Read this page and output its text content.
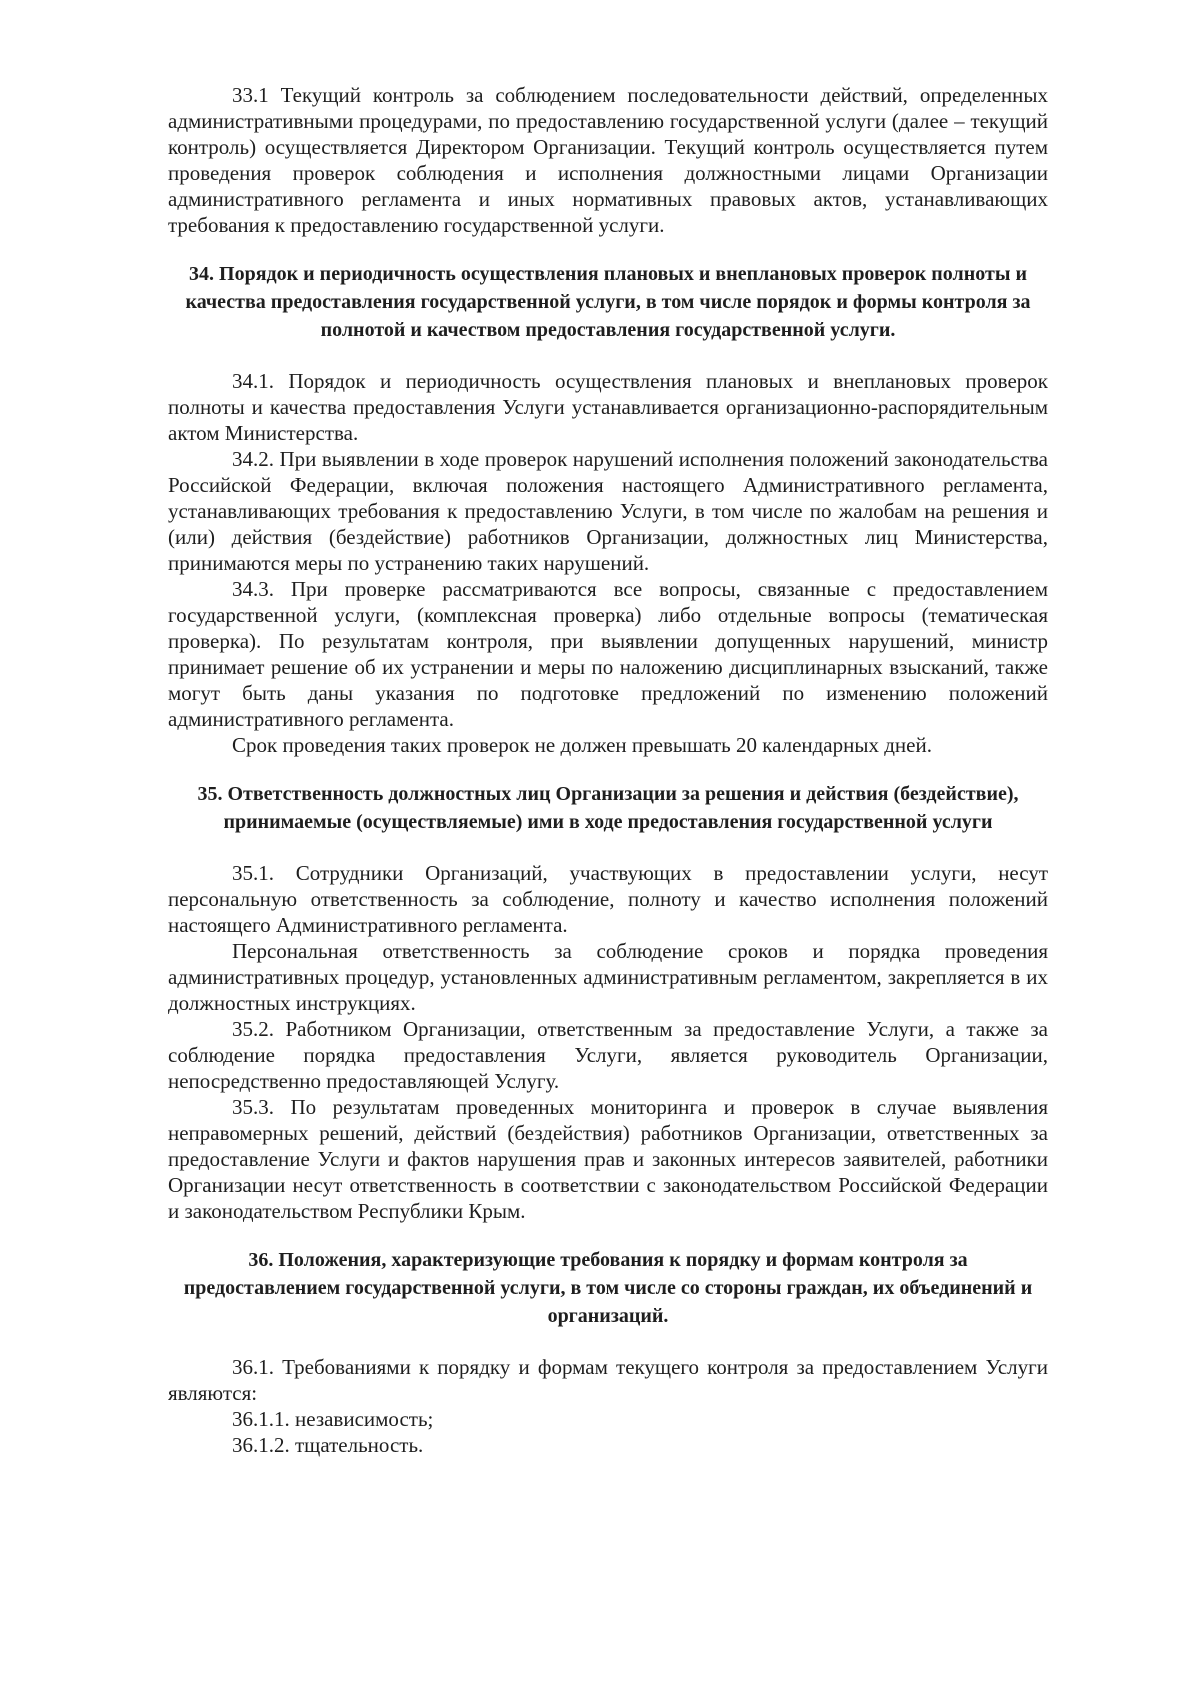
33.1 Текущий контроль за соблюдением последовательности действий, определенных административными процедурами, по предоставлению государственной услуги (далее – текущий контроль) осуществляется Директором Организации. Текущий контроль осуществляется путем проведения проверок соблюдения и исполнения должностными лицами Организации административного регламента и иных нормативных правовых актов, устанавливающих требования к предоставлению государственной услуги.

34. Порядок и периодичность осуществления плановых и внеплановых проверок полноты и качества предоставления государственной услуги, в том числе порядок и формы контроля за полнотой и качеством предоставления государственной услуги.

34.1. Порядок и периодичность осуществления плановых и внеплановых проверок полноты и качества предоставления Услуги устанавливается организационно-распорядительным актом Министерства.

34.2. При выявлении в ходе проверок нарушений исполнения положений законодательства Российской Федерации, включая положения настоящего Административного регламента, устанавливающих требования к предоставлению Услуги, в том числе по жалобам на решения и (или) действия (бездействие) работников Организации, должностных лиц Министерства, принимаются меры по устранению таких нарушений.

34.3. При проверке рассматриваются все вопросы, связанные с предоставлением государственной услуги, (комплексная проверка) либо отдельные вопросы (тематическая проверка). По результатам контроля, при выявлении допущенных нарушений, министр принимает решение об их устранении и меры по наложению дисциплинарных взысканий, также могут быть даны указания по подготовке предложений по изменению положений административного регламента.

Срок проведения таких проверок не должен превышать 20 календарных дней.

35. Ответственность должностных лиц Организации за решения и действия (бездействие), принимаемые (осуществляемые) ими в ходе предоставления государственной услуги

35.1. Сотрудники Организаций, участвующих в предоставлении услуги, несут персональную ответственность за соблюдение, полноту и качество исполнения положений настоящего Административного регламента.

Персональная ответственность за соблюдение сроков и порядка проведения административных процедур, установленных административным регламентом, закрепляется в их должностных инструкциях.

35.2. Работником Организации, ответственным за предоставление Услуги, а также за соблюдение порядка предоставления Услуги, является руководитель Организации, непосредственно предоставляющей Услугу.

35.3. По результатам проведенных мониторинга и проверок в случае выявления неправомерных решений, действий (бездействия) работников Организации, ответственных за предоставление Услуги и фактов нарушения прав и законных интересов заявителей, работники Организации несут ответственность в соответствии с законодательством Российской Федерации и законодательством Республики Крым.

36. Положения, характеризующие требования к порядку и формам контроля за предоставлением государственной услуги, в том числе со стороны граждан, их объединений и организаций.

36.1. Требованиями к порядку и формам текущего контроля за предоставлением Услуги являются:

36.1.1. независимость;

36.1.2. тщательность.
